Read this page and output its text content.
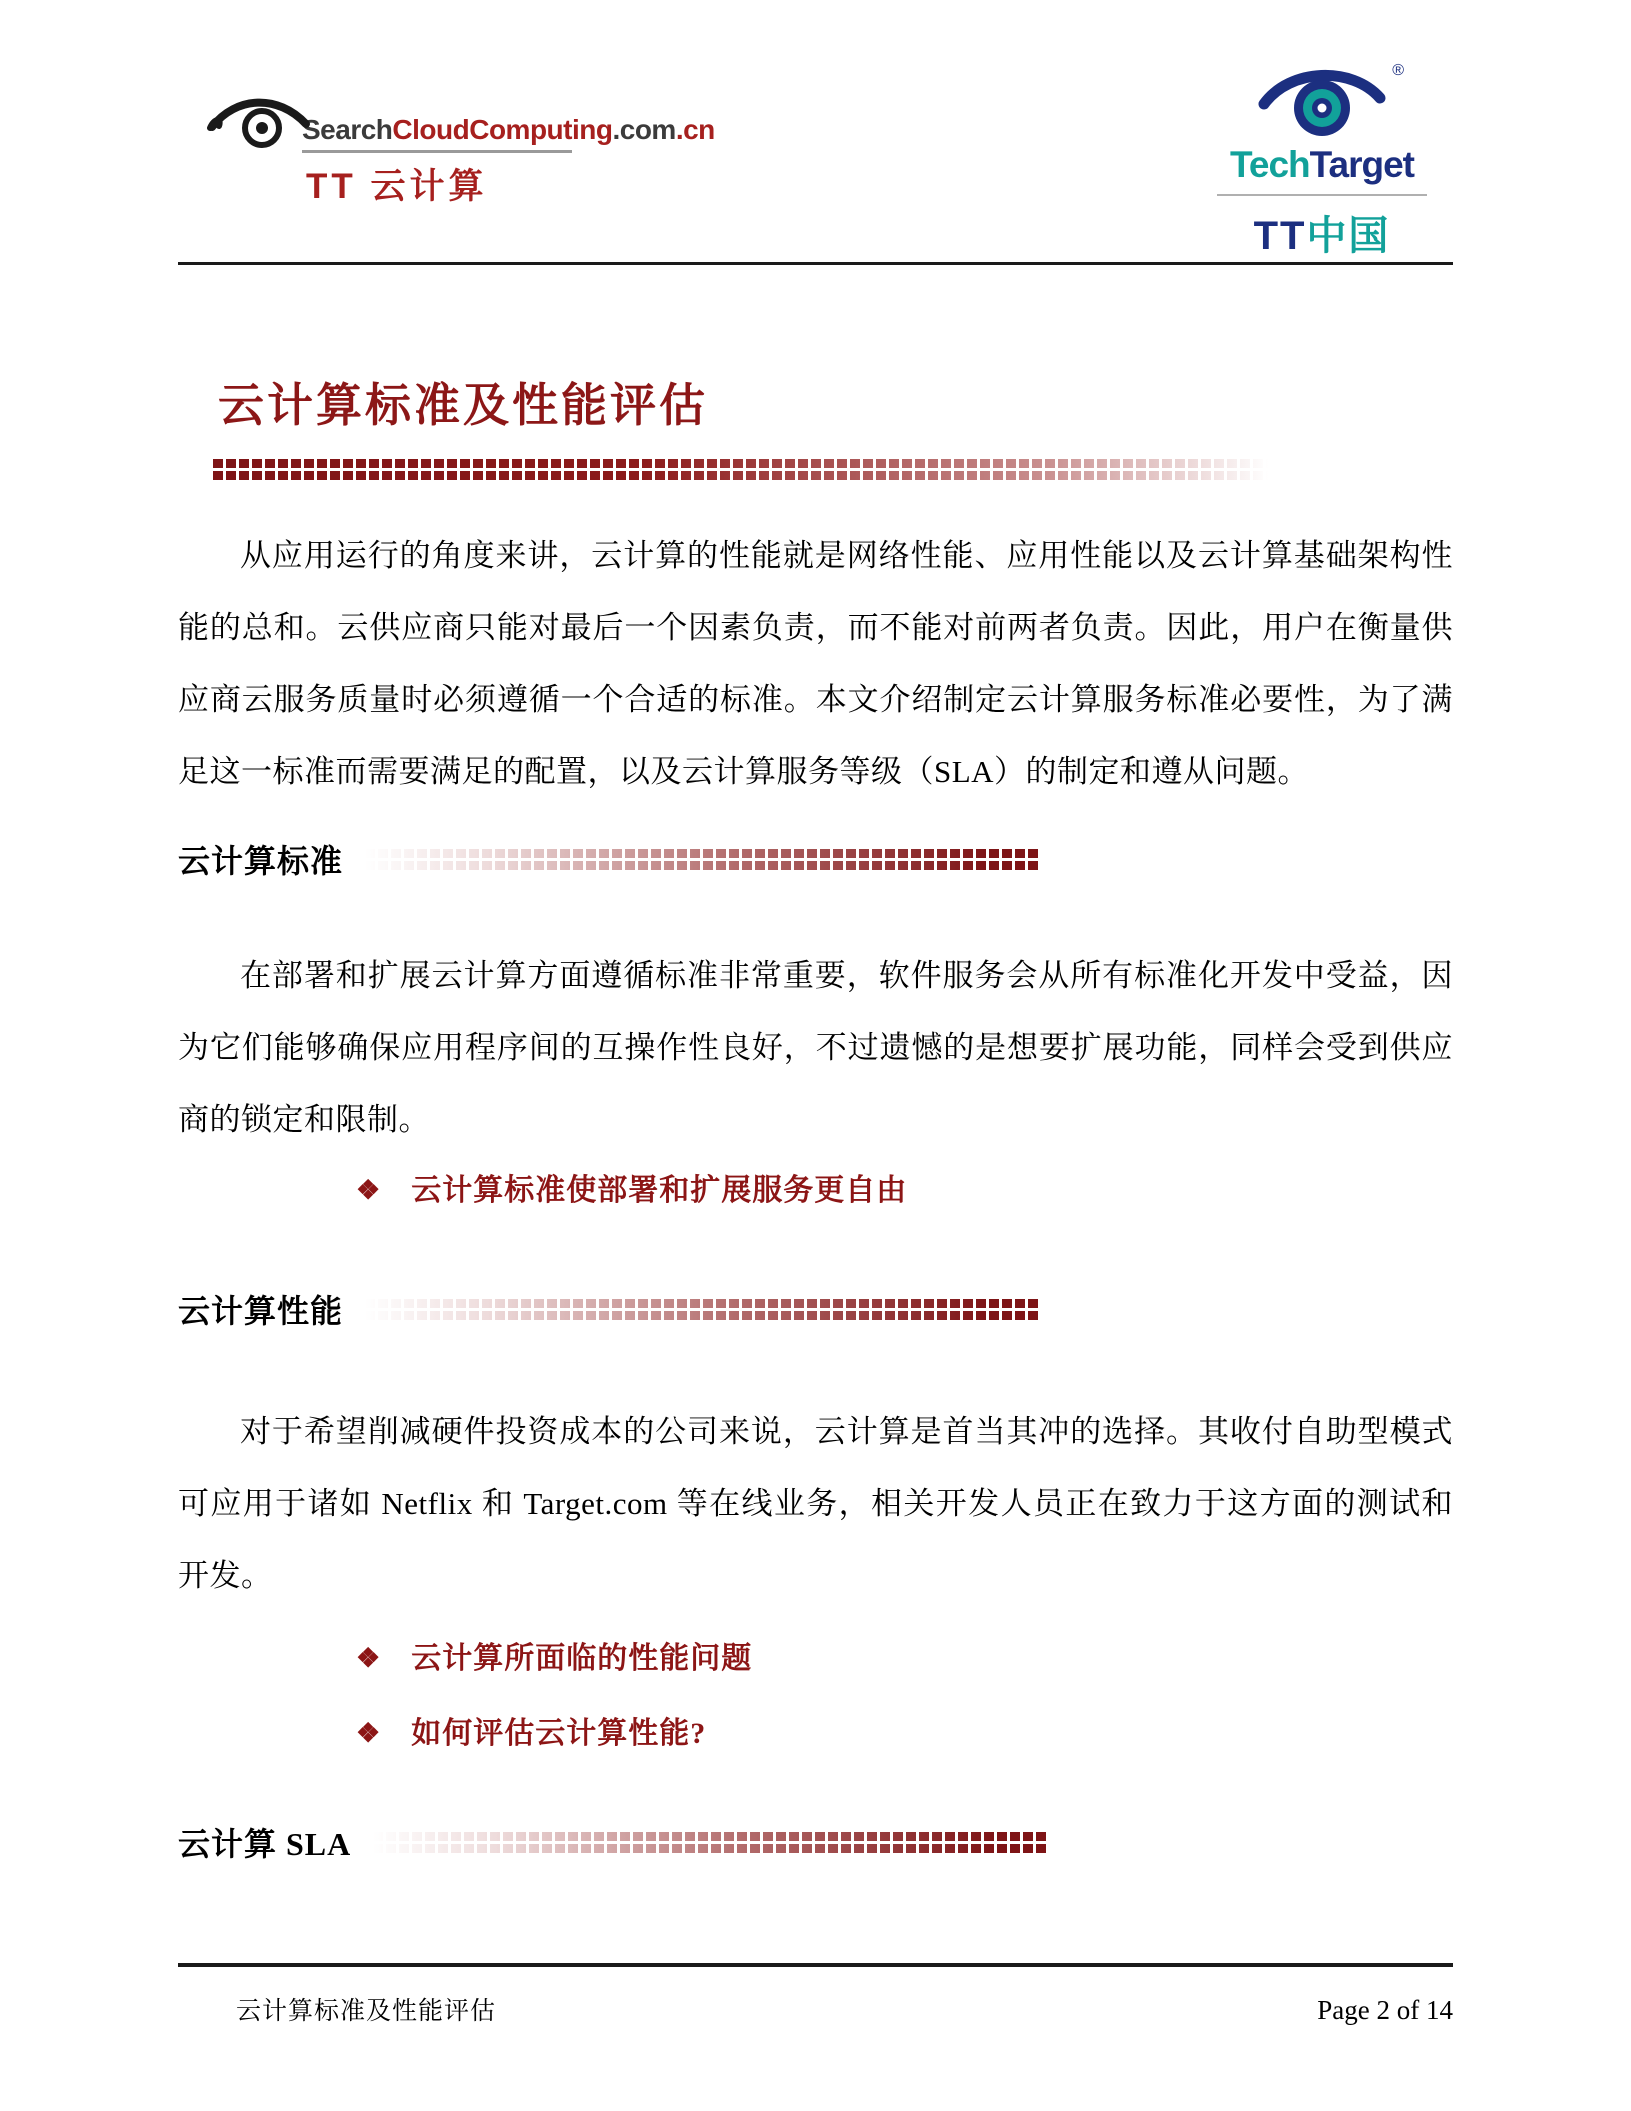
SearchCloudComputing.com.cn
TT 云计算
®
TechTarget
TT中国
云计算标准及性能评估

从应用运行的角度来讲，云计算的性能就是网络性能、应用性能以及云计算基础架构性能的总和。云供应商只能对最后一个因素负责，而不能对前两者负责。因此，用户在衡量供应商云服务质量时必须遵循一个合适的标准。本文介绍制定云计算服务标准必要性，为了满足这一标准而需要满足的配置，以及云计算服务等级（SLA）的制定和遵从问题。

云计算标准

在部署和扩展云计算方面遵循标准非常重要，软件服务会从所有标准化开发中受益，因为它们能够确保应用程序间的互操作性良好，不过遗憾的是想要扩展功能，同样会受到供应商的锁定和限制。

❖ 云计算标准使部署和扩展服务更自由
云计算性能

对于希望削减硬件投资成本的公司来说，云计算是首当其冲的选择。其收付自助型模式可应用于诸如 Netflix 和 Target.com 等在线业务，相关开发人员正在致力于这方面的测试和开发。

❖ 云计算所面临的性能问题
❖ 如何评估云计算性能?
云计算 SLA
云计算标准及性能评估	Page 2 of 14
